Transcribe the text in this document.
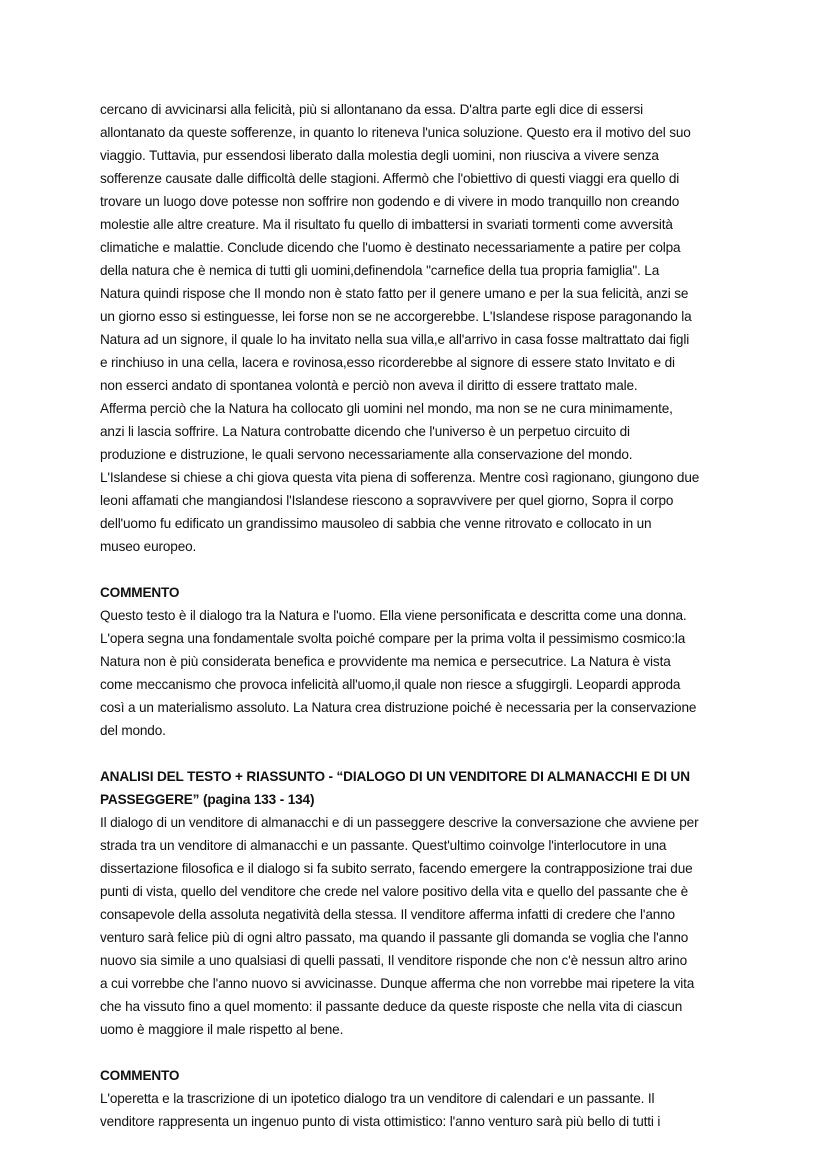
cercano di avvicinarsi alla felicità, più si allontanano da essa. D'altra parte egli dice di essersi

allontanato da queste sofferenze, in quanto lo riteneva l'unica soluzione. Questo era il motivo del suo

viaggio. Tuttavia, pur essendosi liberato dalla molestia degli uomini, non riusciva a vivere senza

sofferenze causate dalle difficoltà delle stagioni. Affermò che l'obiettivo di questi viaggi era quello di

trovare un luogo dove potesse non soffrire non godendo e di vivere in modo tranquillo non creando

molestie alle altre creature. Ma il risultato fu quello di imbattersi in svariati tormenti come avversità

climatiche e malattie. Conclude dicendo che l'uomo è destinato necessariamente a patire per colpa

della natura che è nemica di tutti gli uomini,definendola "carnefice della tua propria famiglia". La

Natura quindi rispose che Il mondo non è stato fatto per il genere umano e per la sua felicità, anzi se

un giorno esso si estinguesse, lei forse non se ne accorgerebbe. L'Islandese rispose paragonando la

Natura ad un signore, il quale lo ha invitato nella sua villa,e all'arrivo in casa fosse maltrattato dai figli

e rinchiuso in una cella, lacera e rovinosa,esso ricorderebbe al signore di essere stato Invitato e di

non esserci andato di spontanea volontà e perciò non aveva il diritto di essere trattato male.

Afferma perciò che la Natura ha collocato gli uomini nel mondo, ma non se ne cura minimamente,

anzi li lascia soffrire. La Natura controbatte dicendo che l'universo è un perpetuo circuito di

produzione e distruzione, le quali servono necessariamente alla conservazione del mondo.

L'Islandese si chiese a chi giova questa vita piena di sofferenza. Mentre così ragionano, giungono due

leoni affamati che mangiandosi l'Islandese riescono a sopravvivere per quel giorno, Sopra il corpo

dell'uomo fu edificato un grandissimo mausoleo di sabbia che venne ritrovato e collocato in un

museo europeo.

COMMENTO

Questo testo è il dialogo tra la Natura e l'uomo. Ella viene personificata e descritta come una donna.

L'opera segna una fondamentale svolta poiché compare per la prima volta il pessimismo cosmico:la

Natura non è più considerata benefica e provvidente ma nemica e persecutrice. La Natura è vista

come meccanismo che provoca infelicità all'uomo,il quale non riesce a sfuggirgli. Leopardi approda

così a un materialismo assoluto. La Natura crea distruzione poiché è necessaria per la conservazione

del mondo.

ANALISI DEL TESTO + RIASSUNTO - “DIALOGO DI UN VENDITORE DI ALMANACCHI E DI UN

PASSEGGERE” (pagina 133 - 134)

Il dialogo di un venditore di almanacchi e di un passeggere descrive la conversazione che avviene per

strada tra un venditore di almanacchi e un passante. Quest'ultimo coinvolge l'interlocutore in una

dissertazione filosofica e il dialogo si fa subito serrato, facendo emergere la contrapposizione trai due

punti di vista, quello del venditore che crede nel valore positivo della vita e quello del passante che è

consapevole della assoluta negatività della stessa. Il venditore afferma infatti di credere che l'anno

venturo sarà felice più di ogni altro passato, ma quando il passante gli domanda se voglia che l'anno

nuovo sia simile a uno qualsiasi di quelli passati, Il venditore risponde che non c'è nessun altro arino

a cui vorrebbe che l'anno nuovo si avvicinasse. Dunque afferma che non vorrebbe mai ripetere la vita

che ha vissuto fino a quel momento: il passante deduce da queste risposte che nella vita di ciascun

uomo è maggiore il male rispetto al bene.

COMMENTO

L'operetta e la trascrizione di un ipotetico dialogo tra un venditore di calendari e un passante. Il

venditore rappresenta un ingenuo punto di vista ottimistico: l'anno venturo sarà più bello di tutti i
